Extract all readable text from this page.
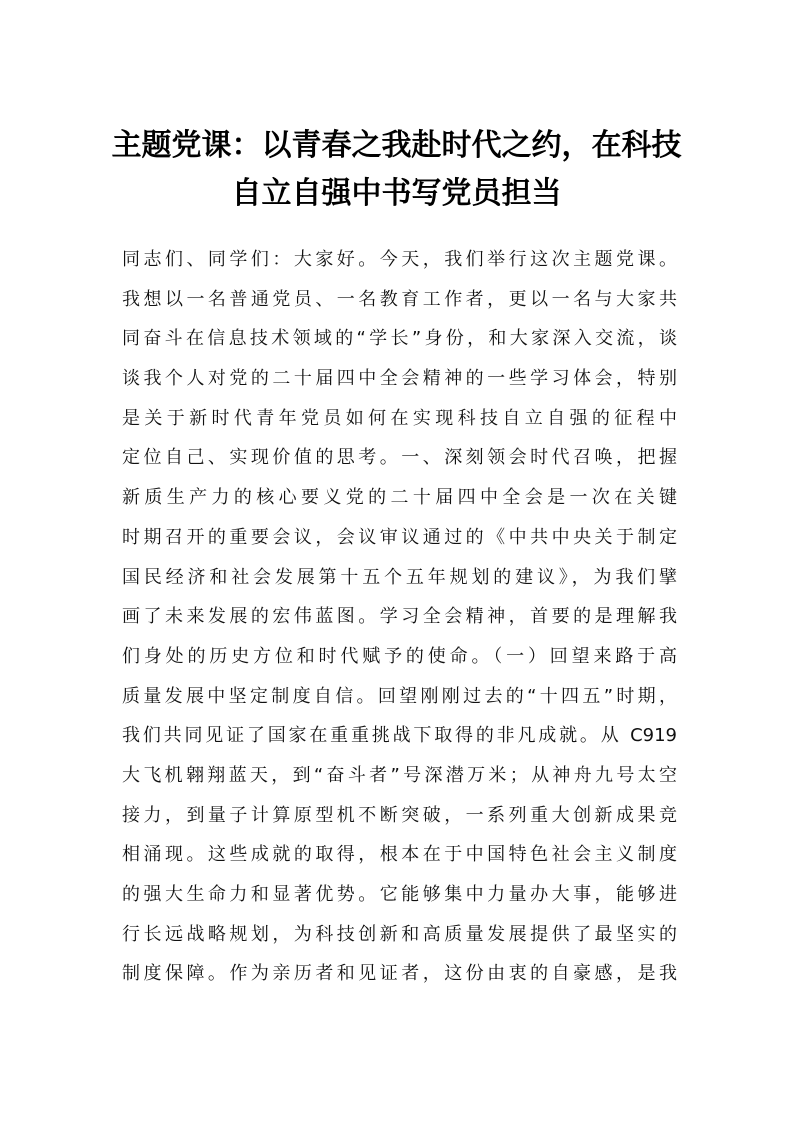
主题党课：以青春之我赴时代之约，在科技
自立自强中书写党员担当
同志们、同学们：大家好。今天，我们举行这次主题党课。
我想以一名普通党员、一名教育工作者，更以一名与大家共
同奋斗在信息技术领域的“学长”身份，和大家深入交流，谈
谈我个人对党的二十届四中全会精神的一些学习体会，特别
是关于新时代青年党员如何在实现科技自立自强的征程中
定位自己、实现价值的思考。一、深刻领会时代召唤，把握
新质生产力的核心要义党的二十届四中全会是一次在关键
时期召开的重要会议，会议审议通过的《中共中央关于制定
国民经济和社会发展第十五个五年规划的建议》，为我们擘
画了未来发展的宏伟蓝图。学习全会精神，首要的是理解我
们身处的历史方位和时代赋予的使命。（一）回望来路于高
质量发展中坚定制度自信。回望刚刚过去的“十四五”时期，
我们共同见证了国家在重重挑战下取得的非凡成就。从 C919
大飞机翱翔蓝天，到“奋斗者”号深潜万米；从神舟九号太空
接力，到量子计算原型机不断突破，一系列重大创新成果竞
相涌现。这些成就的取得，根本在于中国特色社会主义制度
的强大生命力和显著优势。它能够集中力量办大事，能够进
行长远战略规划，为科技创新和高质量发展提供了最坚实的
制度保障。作为亲历者和见证者，这份由衷的自豪感，是我
